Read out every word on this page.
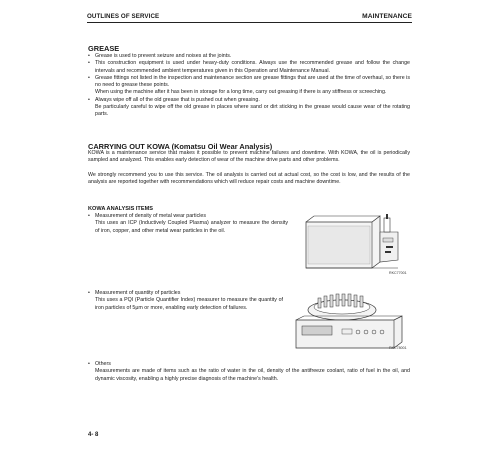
OUTLINES OF SERVICE	MAINTENANCE
GREASE
• Grease is used to prevent seizure and noises at the joints.
• This construction equipment is used under heavy-duty conditions. Always use the recommended grease and follow the change intervals and recommended ambient temperatures given in this Operation and Maintenance Manual.
• Grease fittings not listed in the inspection and maintenance section are grease fittings that are used at the time of overhaul, so there is no need to grease these points.
When using the machine after it has been in storage for a long time, carry out greasing if there is any stiffness or screeching.
• Always wipe off all of the old grease that is pushed out when greasing.
Be particularly careful to wipe off the old grease in places where sand or dirt sticking in the grease would cause wear of the rotating parts.
CARRYING OUT KOWA (Komatsu Oil Wear Analysis)

KOWA is a maintenance service that makes it possible to prevent machine failures and downtime. With KOWA, the oil is periodically sampled and analyzed. This enables early detection of wear of the machine drive parts and other problems.

We strongly recommend you to use this service. The oil analysis is carried out at actual cost, so the cost is low, and the results of the analysis are reported together with recommendations which will reduce repair costs and machine downtime.

KOWA ANALYSIS ITEMS
• Measurement of density of metal wear particles
This uses an ICP (Inductively Coupled Plasma) analyzer to measure the density of iron, copper, and other metal wear particles in the oil.
RKC77001
• Measurement of quantity of particles
This uses a PQI (Particle Quantifier Index) measurer to measure the quantity of iron particles of 5μm or more, enabling early detection of failures.
RKC78001
• Others
Measurements are made of items such as the ratio of water in the oil, density of the antifreeze coolant, ratio of fuel in the oil, and dynamic viscosity, enabling a highly precise diagnosis of the machine's health.
4- 8
